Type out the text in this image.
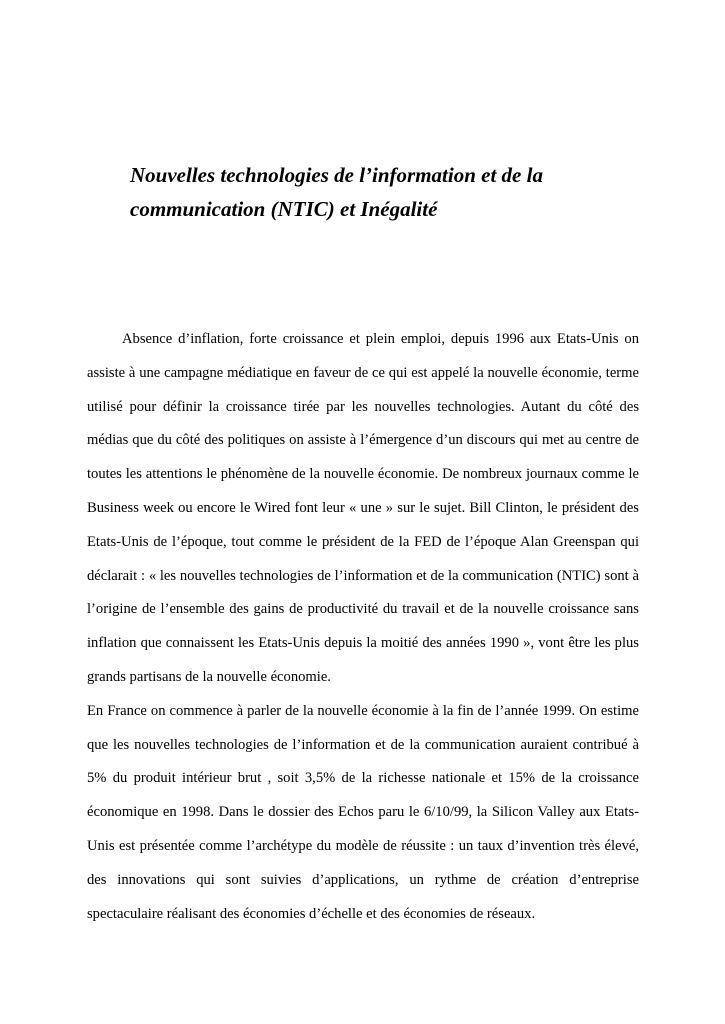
Nouvelles technologies de l’information et de la
communication (NTIC) et Inégalité
Absence d’inflation, forte croissance et plein emploi, depuis 1996 aux Etats-Unis on
assiste à une campagne médiatique en faveur de ce qui est appelé la nouvelle économie, terme
utilisé pour définir la croissance tirée par les nouvelles technologies. Autant du côté des
médias que du côté des politiques on assiste à l’émergence d’un discours qui met au centre de
toutes les attentions le phénomène de la nouvelle économie. De nombreux journaux comme le
Business week ou encore le Wired font leur « une » sur le sujet. Bill Clinton, le président des
Etats-Unis de l’époque, tout comme le président de la FED de l’époque Alan Greenspan qui
déclarait : « les nouvelles technologies de l’information et de la communication (NTIC) sont à
l’origine de l’ensemble des gains de productivité du travail et de la nouvelle croissance sans
inflation que connaissent les Etats-Unis depuis la moitié des années 1990 », vont être les plus
grands partisans de la nouvelle économie.
En France on commence à parler de la nouvelle économie à la fin de l’année 1999. On estime
que les nouvelles technologies de l’information et de la communication auraient contribué à
5% du produit intérieur brut , soit 3,5% de la richesse nationale et 15% de la croissance
économique en 1998. Dans le dossier des Echos paru le 6/10/99, la Silicon Valley aux Etats-
Unis est présentée comme l’archétype du modèle de réussite : un taux d’invention très élevé,
des innovations qui sont suivies d’applications, un rythme de création d’entreprise
spectaculaire réalisant des économies d’échelle et des économies de réseaux.
